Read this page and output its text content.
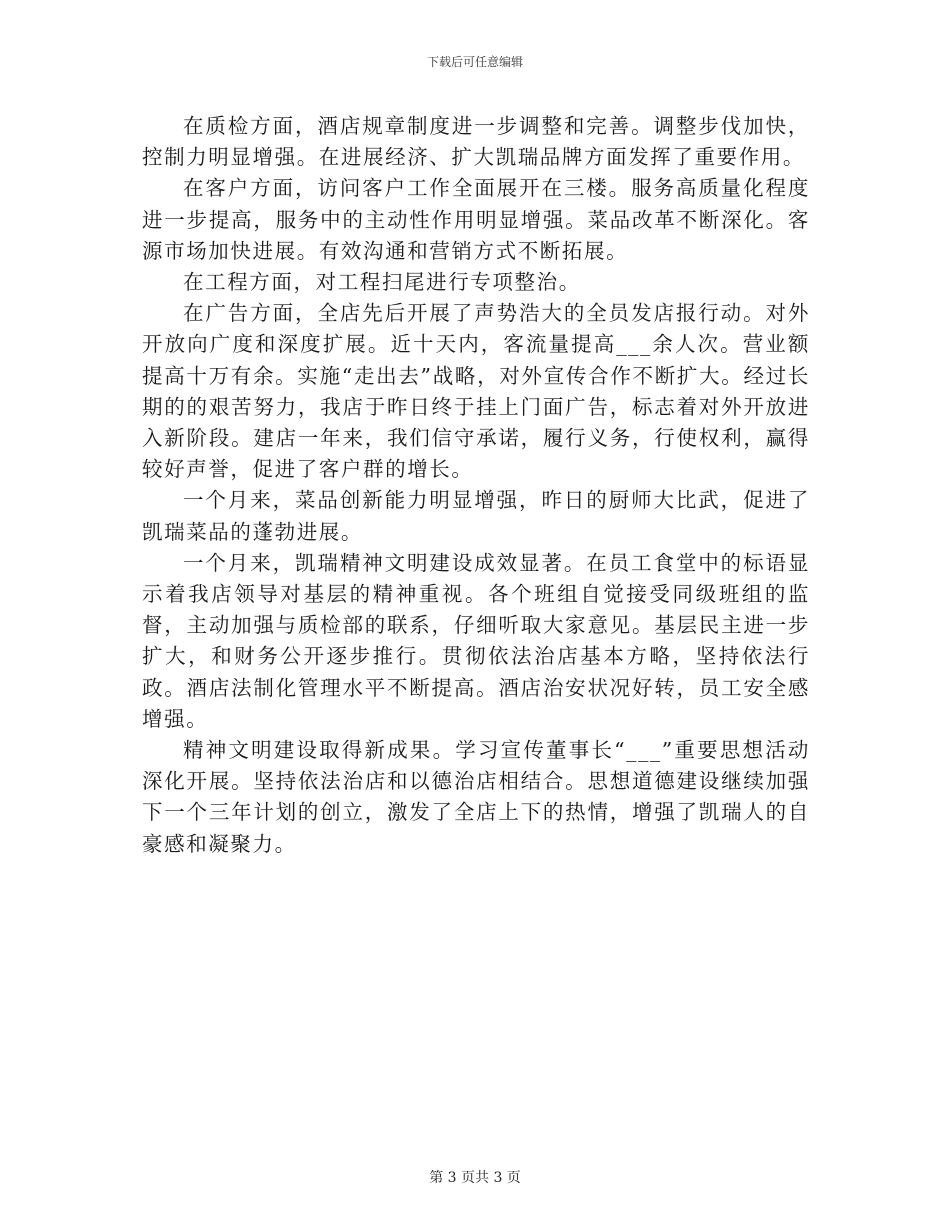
下载后可任意编辑

在质检方面，酒店规章制度进一步调整和完善。调整步伐加快，控制力明显增强。在进展经济、扩大凯瑞品牌方面发挥了重要作用。

在客户方面，访问客户工作全面展开在三楼。服务高质量化程度进一步提高，服务中的主动性作用明显增强。菜品改革不断深化。客源市场加快进展。有效沟通和营销方式不断拓展。

在工程方面，对工程扫尾进行专项整治。

在广告方面，全店先后开展了声势浩大的全员发店报行动。对外开放向广度和深度扩展。近十天内，客流量提高___余人次。营业额提高十万有余。实施“走出去”战略，对外宣传合作不断扩大。经过长期的的艰苦努力，我店于昨日终于挂上门面广告，标志着对外开放进入新阶段。建店一年来，我们信守承诺，履行义务，行使权利，赢得较好声誉，促进了客户群的增长。

一个月来，菜品创新能力明显增强，昨日的厨师大比武，促进了凯瑞菜品的蓬勃进展。

一个月来，凯瑞精神文明建设成效显著。在员工食堂中的标语显示着我店领导对基层的精神重视。各个班组自觉接受同级班组的监督，主动加强与质检部的联系，仔细听取大家意见。基层民主进一步扩大，和财务公开逐步推行。贯彻依法治店基本方略，坚持依法行政。酒店法制化管理水平不断提高。酒店治安状况好转，员工安全感增强。

精神文明建设取得新成果。学习宣传董事长“___”重要思想活动深化开展。坚持依法治店和以德治店相结合。思想道德建设继续加强下一个三年计划的创立，激发了全店上下的热情，增强了凯瑞人的自豪感和凝聚力。

第 3 页共 3 页
